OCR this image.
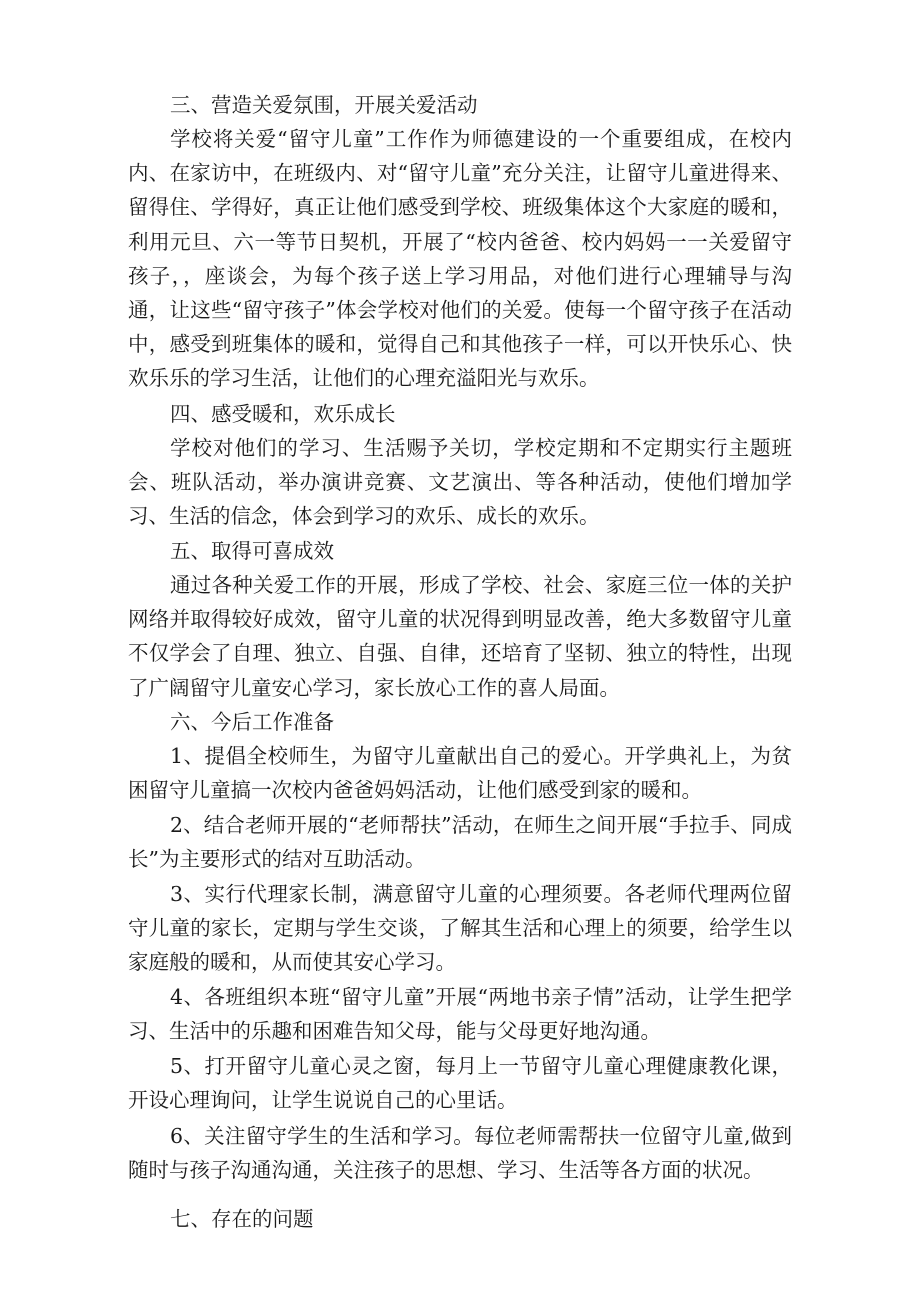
三、营造关爱氛围，开展关爱活动

学校将关爱“留守儿童”工作作为师德建设的一个重要组成，在校内内、在家访中，在班级内、对“留守儿童”充分关注，让留守儿童进得来、留得住、学得好，真正让他们感受到学校、班级集体这个大家庭的暖和，利用元旦、六一等节日契机，开展了“校内爸爸、校内妈妈一一关爱留守孩子，，座谈会，为每个孩子送上学习用品，对他们进行心理辅导与沟通，让这些“留守孩子”体会学校对他们的关爱。使每一个留守孩子在活动中，感受到班集体的暖和，觉得自己和其他孩子一样，可以开快乐心、快欢乐乐的学习生活，让他们的心理充溢阳光与欢乐。

四、感受暖和，欢乐成长

学校对他们的学习、生活赐予关切，学校定期和不定期实行主题班会、班队活动，举办演讲竞赛、文艺演出、等各种活动，使他们增加学习、生活的信念，体会到学习的欢乐、成长的欢乐。

五、取得可喜成效

通过各种关爱工作的开展，形成了学校、社会、家庭三位一体的关护网络并取得较好成效，留守儿童的状况得到明显改善，绝大多数留守儿童不仅学会了自理、独立、自强、自律，还培育了坚韧、独立的特性，出现了广阔留守儿童安心学习，家长放心工作的喜人局面。

六、今后工作准备

1、提倡全校师生，为留守儿童献出自己的爱心。开学典礼上，为贫困留守儿童搞一次校内爸爸妈妈活动，让他们感受到家的暖和。

2、结合老师开展的“老师帮扶”活动，在师生之间开展“手拉手、同成长”为主要形式的结对互助活动。

3、实行代理家长制，满意留守儿童的心理须要。各老师代理两位留守儿童的家长，定期与学生交谈，了解其生活和心理上的须要，给学生以家庭般的暖和，从而使其安心学习。

4、各班组织本班“留守儿童”开展“两地书亲子情”活动，让学生把学习、生活中的乐趣和困难告知父母，能与父母更好地沟通。

5、打开留守儿童心灵之窗，每月上一节留守儿童心理健康教化课，开设心理询问，让学生说说自己的心里话。

6、关注留守学生的生活和学习。每位老师需帮扶一位留守儿童,做到随时与孩子沟通沟通，关注孩子的思想、学习、生活等各方面的状况。

七、存在的问题
